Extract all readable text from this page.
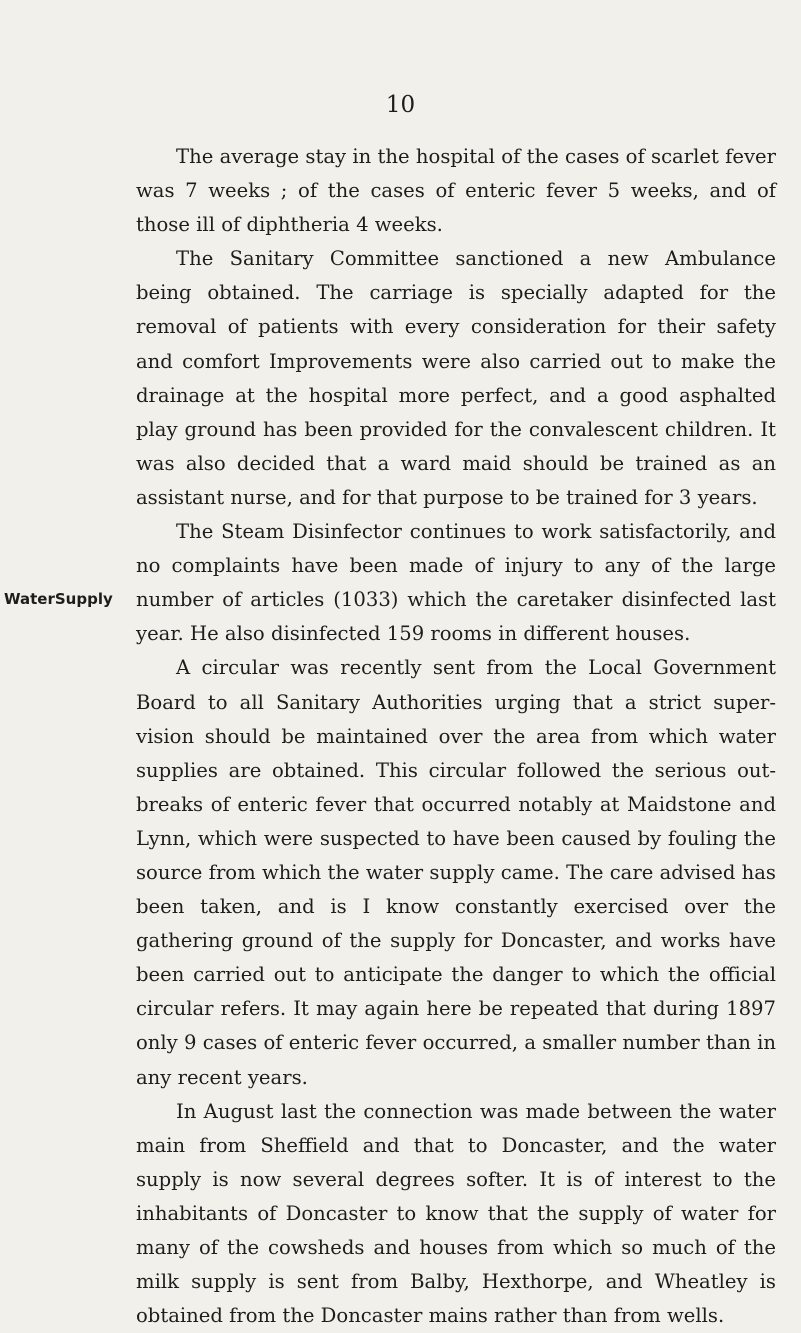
10
WaterSupply

The average stay in the hospital of the cases of scarlet fever was 7 weeks ; of the cases of enteric fever 5 weeks, and of those ill of diphtheria 4 weeks.

The Sanitary Committee sanctioned a new Ambulance being obtained. The carriage is specially adapted for the removal of patients with every consideration for their safety and comfort Improvements were also carried out to make the drainage at the hospital more perfect, and a good asphalted play ground has been provided for the convalescent children. It was also decided that a ward maid should be trained as an assistant nurse, and for that purpose to be trained for 3 years.

The Steam Disinfector continues to work satisfactorily, and no complaints have been made of injury to any of the large number of articles (1033) which the caretaker disinfected last year. He also disinfected 159 rooms in different houses.

A circular was recently sent from the Local Government Board to all Sanitary Authorities urging that a strict super-vision should be maintained over the area from which water supplies are obtained. This circular followed the serious out-breaks of enteric fever that occurred notably at Maidstone and Lynn, which were suspected to have been caused by fouling the source from which the water supply came. The care advised has been taken, and is I know constantly exercised over the gathering ground of the supply for Doncaster, and works have been carried out to anticipate the danger to which the official circular refers. It may again here be repeated that during 1897 only 9 cases of enteric fever occurred, a smaller number than in any recent years.

In August last the connection was made between the water main from Sheffield and that to Doncaster, and the water supply is now several degrees softer. It is of interest to the inhabitants of Doncaster to know that the supply of water for many of the cowsheds and houses from which so much of the milk supply is sent from Balby, Hexthorpe, and Wheatley is obtained from the Doncaster mains rather than from wells.
